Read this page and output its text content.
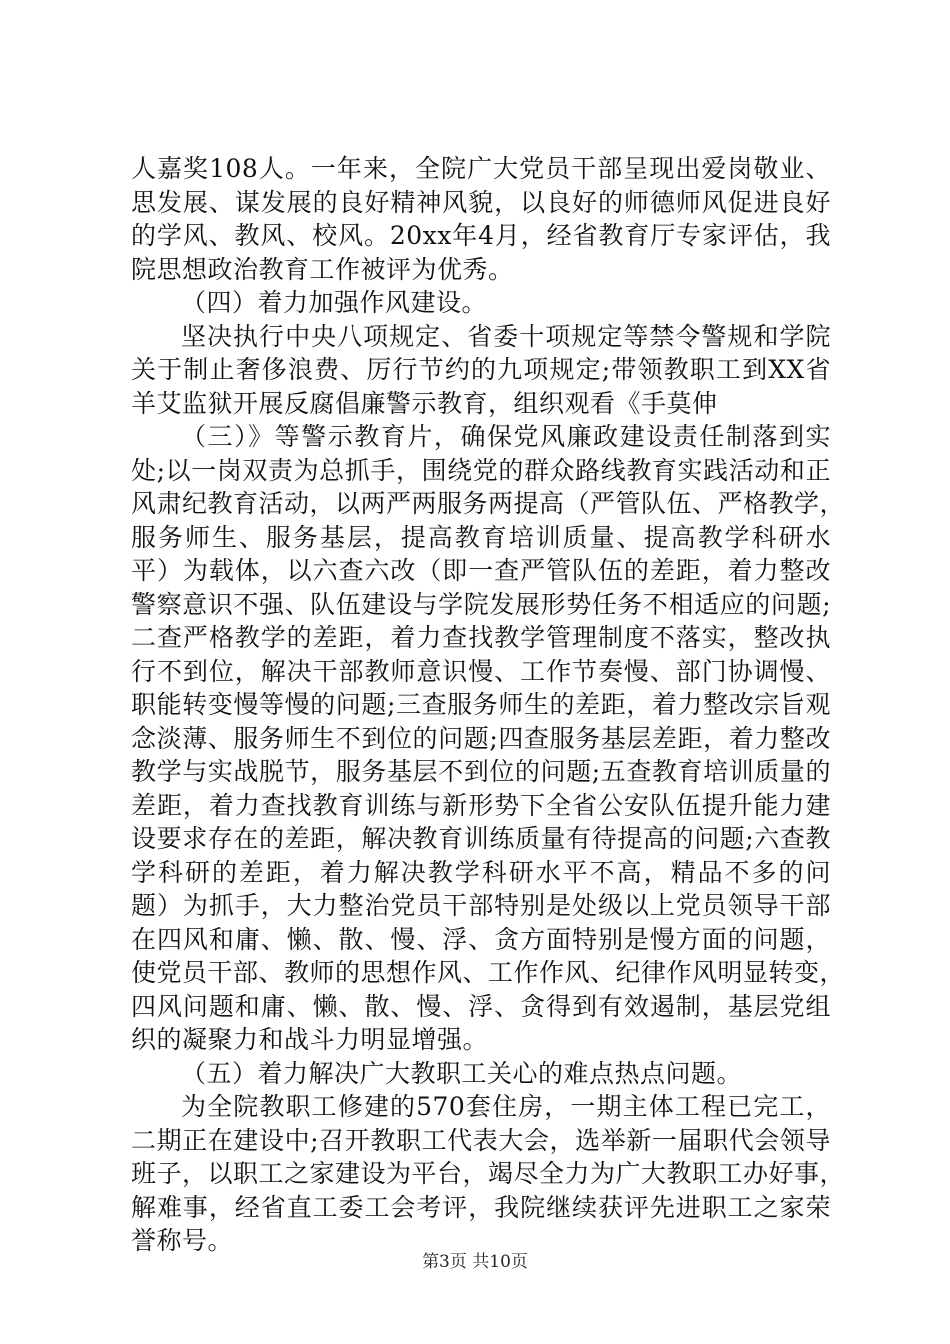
人嘉奖108人。一年来，全院广大党员干部呈现出爱岗敬业、
思发展、谋发展的良好精神风貌，以良好的师德师风促进良好
的学风、教风、校风。20xx年4月，经省教育厅专家评估，我
院思想政治教育工作被评为优秀。
（四）着力加强作风建设。
坚决执行中央八项规定、省委十项规定等禁令警规和学院
关于制止奢侈浪费、厉行节约的九项规定;带领教职工到XX省
羊艾监狱开展反腐倡廉警示教育，组织观看《手莫伸
（三）》等警示教育片，确保党风廉政建设责任制落到实
处;以一岗双责为总抓手，围绕党的群众路线教育实践活动和正
风肃纪教育活动，以两严两服务两提高（严管队伍、严格教学，
服务师生、服务基层，提高教育培训质量、提高教学科研水
平）为载体，以六查六改（即一查严管队伍的差距，着力整改
警察意识不强、队伍建设与学院发展形势任务不相适应的问题;
二查严格教学的差距，着力查找教学管理制度不落实，整改执
行不到位，解决干部教师意识慢、工作节奏慢、部门协调慢、
职能转变慢等慢的问题;三查服务师生的差距，着力整改宗旨观
念淡薄、服务师生不到位的问题;四查服务基层差距，着力整改
教学与实战脱节，服务基层不到位的问题;五查教育培训质量的
差距，着力查找教育训练与新形势下全省公安队伍提升能力建
设要求存在的差距，解决教育训练质量有待提高的问题;六查教
学科研的差距，着力解决教学科研水平不高，精品不多的问
题）为抓手，大力整治党员干部特别是处级以上党员领导干部
在四风和庸、懒、散、慢、浮、贪方面特别是慢方面的问题，
使党员干部、教师的思想作风、工作作风、纪律作风明显转变，
四风问题和庸、懒、散、慢、浮、贪得到有效遏制，基层党组
织的凝聚力和战斗力明显增强。
（五）着力解决广大教职工关心的难点热点问题。
为全院教职工修建的570套住房，一期主体工程已完工，
二期正在建设中;召开教职工代表大会，选举新一届职代会领导
班子，以职工之家建设为平台，竭尽全力为广大教职工办好事，
解难事，经省直工委工会考评，我院继续获评先进职工之家荣
誉称号。
第3页 共10页
